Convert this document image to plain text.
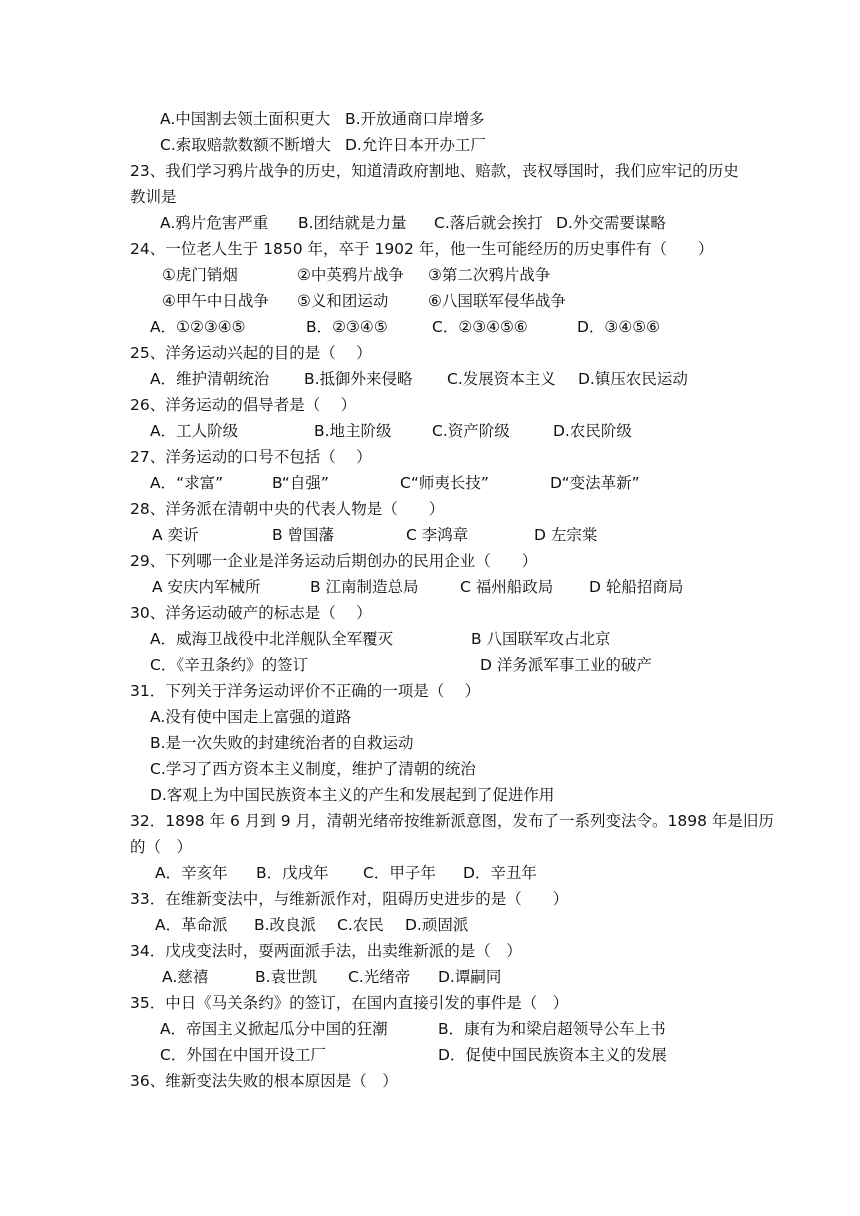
A.中国割去领土面积更大 B.开放通商口岸增多
C.索取赔款数额不断增大 D.允许日本开办工厂
23、我们学习鸦片战争的历史，知道清政府割地、赔款，丧权辱国时，我们应牢记的历史
教训是
A.鸦片危害严重 B.团结就是力量 C.落后就会挨打 D.外交需要谋略
24、一位老人生于 1850 年，卒于 1902 年，他一生可能经历的历史事件有（　　）
①虎门销烟	②中英鸦片战争 ③第二次鸦片战争
④甲午中日战争 ⑤义和团运动	⑥八国联军侵华战争
A．①②③④⑤	B．②③④⑤	C．②③④⑤⑥	D．③④⑤⑥
25、洋务运动兴起的目的是（　 ）
A．维护清朝统治 B.抵御外来侵略 C.发展资本主义 D.镇压农民运动
26、洋务运动的倡导者是（　 ）
A．工人阶级	B.地主阶级	C.资产阶级	D.农民阶级
27、洋务运动的口号不包括（　 ）
A．“求富”	B“自强”	C“师夷长技”	D“变法革新”
28、洋务派在清朝中央的代表人物是（　　）
A 奕䜣	B 曾国藩	C 李鸿章	D 左宗棠
29、下列哪一企业是洋务运动后期创办的民用企业（　　）
A 安庆内军械所	B 江南制造总局	C 福州船政局 D 轮船招商局
30、洋务运动破产的标志是（　 ）
A．威海卫战役中北洋舰队全军覆灭	B 八国联军攻占北京
C．《辛丑条约》的签订	D 洋务派军事工业的破产
31．下列关于洋务运动评价不正确的一项是（　 ）
A.没有使中国走上富强的道路
B.是一次失败的封建统治者的自救运动
C.学习了西方资本主义制度，维护了清朝的统治
D.客观上为中国民族资本主义的产生和发展起到了促进作用
32．1898 年 6 月到 9 月，清朝光绪帝按维新派意图，发布了一系列变法令。1898 年是旧历
的（　）
A．辛亥年 B．戊戌年 C．甲子年 D．辛丑年
33．在维新变法中，与维新派作对，阻碍历史进步的是（　　）
A．革命派 B.改良派 C.农民 D.顽固派
34．戊戌变法时，耍两面派手法，出卖维新派的是（　）
A.慈禧	B.袁世凯 C.光绪帝 D.谭嗣同
35．中日《马关条约》的签订，在国内直接引发的事件是（　）
A．帝国主义掀起瓜分中国的狂潮	B．康有为和梁启超领导公车上书
C．外国在中国开设工厂	D．促使中国民族资本主义的发展
36、维新变法失败的根本原因是（　）
